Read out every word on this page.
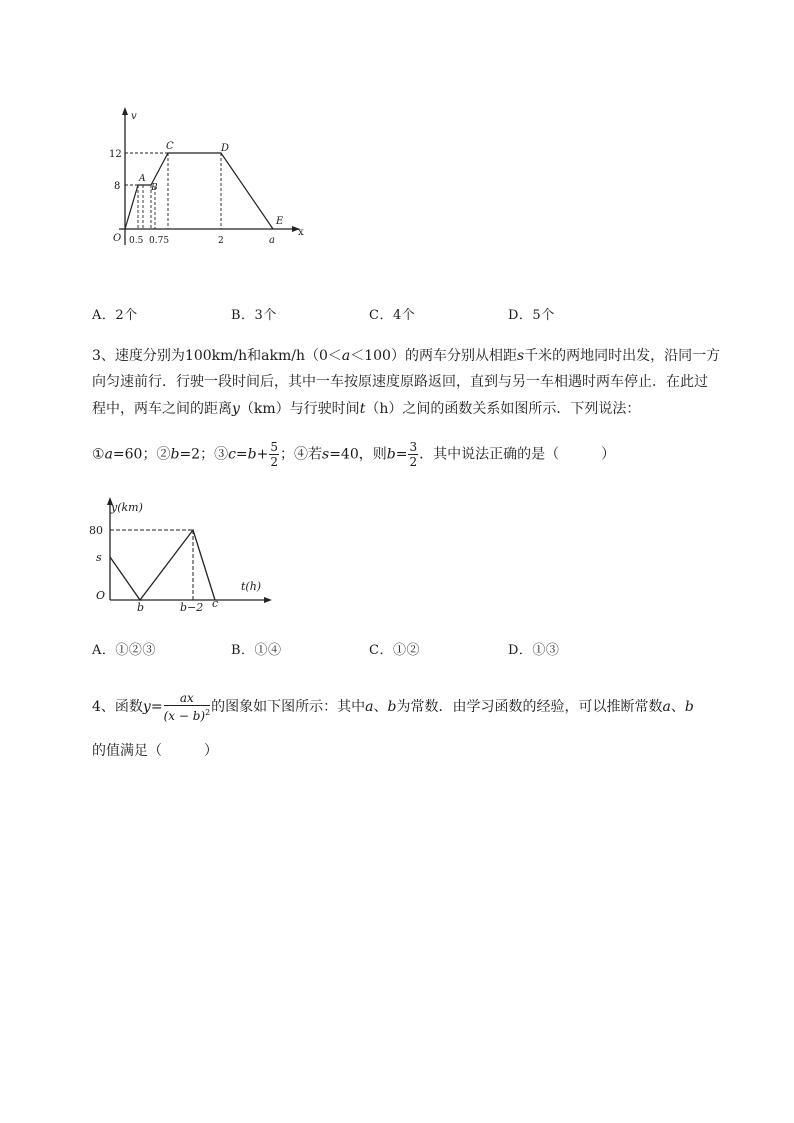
v
x
O
12
8
0.5 0.75	2	a
A
B
C	D
E
A．2个	B．3个	C．4个	D．5个
3、速度分别为100km/h和akm/h（0＜a＜100）的两车分别从相距s千米的两地同时出发，沿同一方
向匀速前行．行驶一段时间后，其中一车按原速度原路返回，直到与另一车相遇时两车停止．在此过
程中，两车之间的距离y（km）与行驶时间t（h）之间的函数关系如图所示．下列说法：
①a=60；②b=2；③c=b+ $\frac{5}{2}$ ；④若s=40，则$b= \frac{3}{2}$ ．其中说法正确的是（　　　）
y(km)
t(h)
O
80
s
b	b−2 c
A．①②③	B．①④	C．①②	D．①③
4、函数$y= \frac{ax}{(x - b)^2}$ 的图象如下图所示：其中a、b为常数．由学习函数的经验，可以推断常数a、b
的值满足（　　　）
